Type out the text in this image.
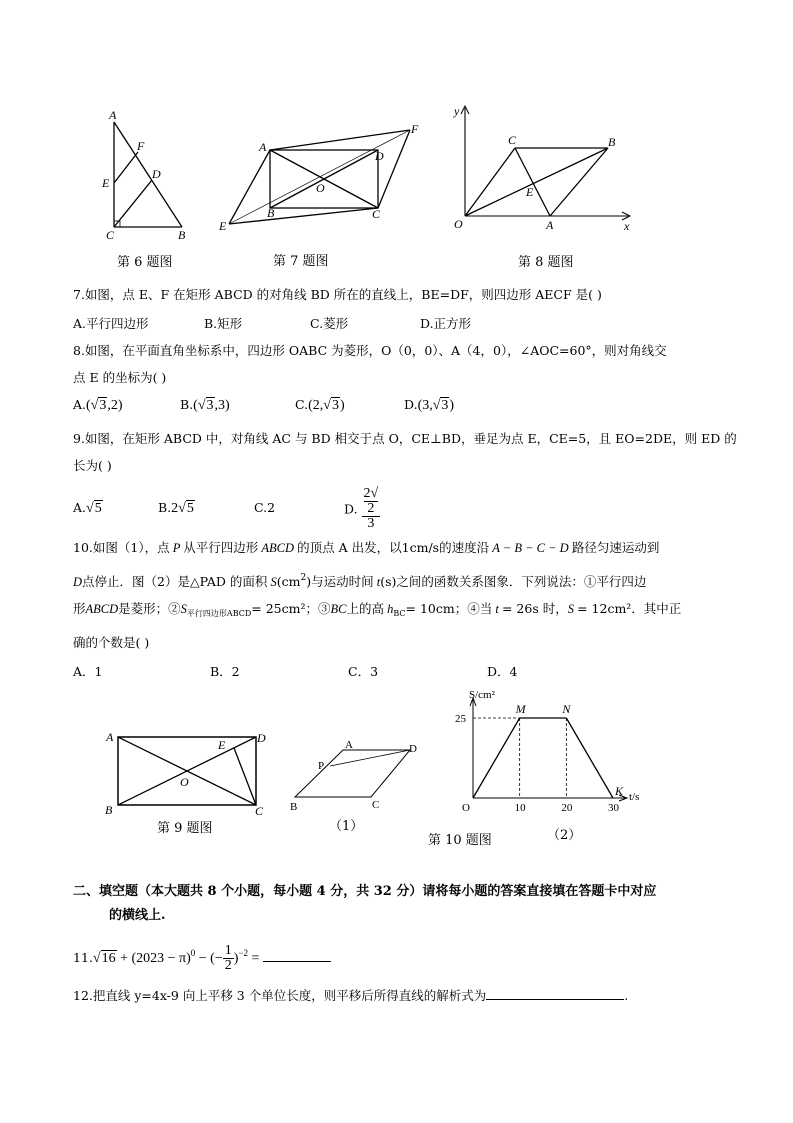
A
F
E
D
C	B
第 6 题图
A
D
F
O
E
B	C
第 7 题图
y
x
C	B
E
O	A
第 8 题图
7.如图，点 E、F 在矩形 ABCD 的对角线 BD 所在的直线上，BE=DF，则四边形 AECF 是( )
A.平行四边形	B.矩形	C.菱形	D.正方形
8.如图，在平面直角坐标系中，四边形 OABC 为菱形，O（0，0）、A（4，0），∠AOC=60°，则对角线交
点 E 的坐标为( )
A.(√3,2)	B.(√3,3)	C.(2,√3)	D.(3,√3)
9.如图，在矩形 ABCD 中，对角线 AC 与 BD 相交于点 O，CE⊥BD，垂足为点 E，CE=5，且 EO=2DE，则 ED 的
长为( )
A.√5	B.2√5	C.2	D. 2√
2
3
10.如图（1），点 P 从平行四边形 ABCD 的顶点 A 出发，以1cm/s的速度沿 A − B − C − D 路径匀速运动到
D点停止．图（2）是△PAD 的面积 $S(cm^2)$与运动时间 t(s)之间的函数关系图象．下列说法：①平行四边
形ABCD是菱形；$②S_{平行四边形ABCD}= 25cm^2$；③BC上的高 $h_{BC}= 10cm$；④当 t = 26s 时，S = 12cm²．其中正
确的个数是( )
A．1	B．2	C．3	D．4
A	D
E
O
B	C
第 9 题图
A	D
P
B	C
（1）
10	20	30
25
M	N
K
S/cm²
t/s
O
第 10 题图	（2）
二、填空题（本大题共 8 个小题，每小题 4 分，共 32 分）请将每小题的答案直接填在答题卡中对应
的横线上.
$11.√16 + (2023 - \pi)^0$ − (− $\frac{1}{2} )^{-2}$ =
12.把直线 y=4x-9 向上平移 3 个单位长度，则平移后所得直线的解析式为	.
